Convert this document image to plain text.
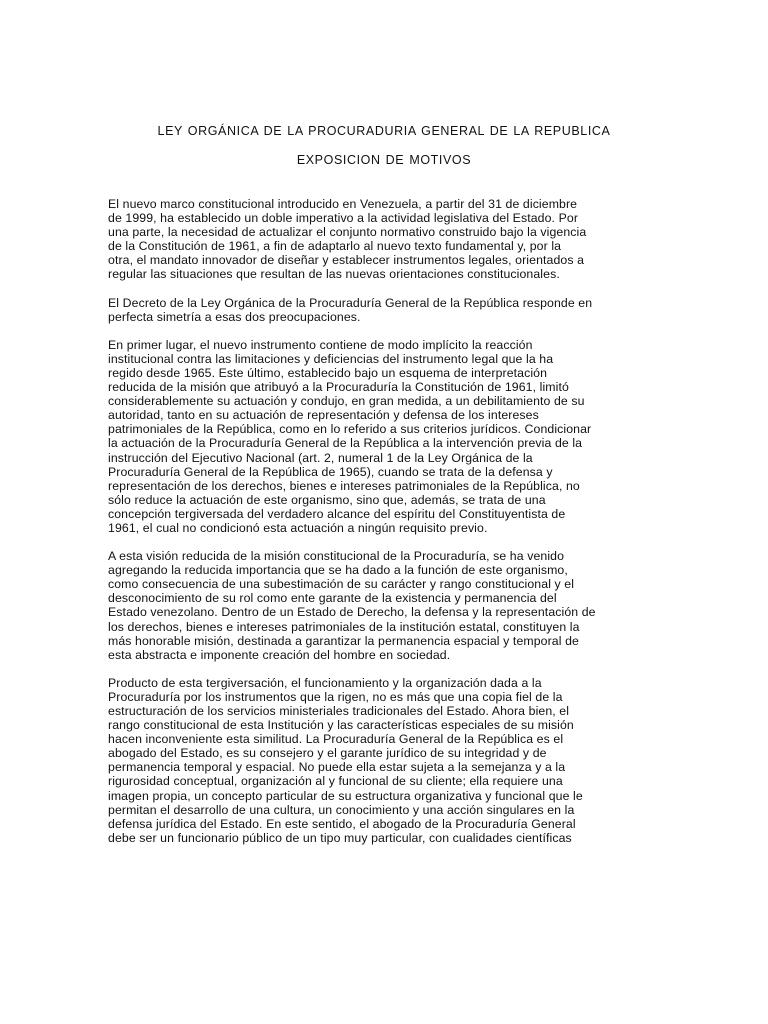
LEY ORGÁNICA DE LA PROCURADURIA GENERAL DE LA REPUBLICA
EXPOSICION DE MOTIVOS
El nuevo marco constitucional introducido en Venezuela, a partir del 31 de diciembre
de 1999, ha establecido un doble imperativo a la actividad legislativa del Estado. Por
una parte, la necesidad de actualizar el conjunto normativo construido bajo la vigencia
de la Constitución de 1961, a fin de adaptarlo al nuevo texto fundamental y, por la
otra, el mandato innovador de diseñar y establecer instrumentos legales, orientados a
regular las situaciones que resultan de las nuevas orientaciones constitucionales.
El Decreto de la Ley Orgánica de la Procuraduría General de la República responde en
perfecta simetría a esas dos preocupaciones.
En primer lugar, el nuevo instrumento contiene de modo implícito la reacción
institucional contra las limitaciones y deficiencias del instrumento legal que la ha
regido desde 1965. Este último, establecido bajo un esquema de interpretación
reducida de la misión que atribuyó a la Procuraduría la Constitución de 1961, limitó
considerablemente su actuación y condujo, en gran medida, a un debilitamiento de su
autoridad, tanto en su actuación de representación y defensa de los intereses
patrimoniales de la República, como en lo referido a sus criterios jurídicos. Condicionar
la actuación de la Procuraduría General de la República a la intervención previa de la
instrucción del Ejecutivo Nacional (art. 2, numeral 1 de la Ley Orgánica de la
Procuraduría General de la República de 1965), cuando se trata de la defensa y
representación de los derechos, bienes e intereses patrimoniales de la República, no
sólo reduce la actuación de este organismo, sino que, además, se trata de una
concepción tergiversada del verdadero alcance del espíritu del Constituyentista de
1961, el cual no condicionó esta actuación a ningún requisito previo.
A esta visión reducida de la misión constitucional de la Procuraduría, se ha venido
agregando la reducida importancia que se ha dado a la función de este organismo,
como consecuencia de una subestimación de su carácter y rango constitucional y el
desconocimiento de su rol como ente garante de la existencia y permanencia del
Estado venezolano. Dentro de un Estado de Derecho, la defensa y la representación de
los derechos, bienes e intereses patrimoniales de la institución estatal, constituyen la
más honorable misión, destinada a garantizar la permanencia espacial y temporal de
esta abstracta e imponente creación del hombre en sociedad.
Producto de esta tergiversación, el funcionamiento y la organización dada a la
Procuraduría por los instrumentos que la rigen, no es más que una copia fiel de la
estructuración de los servicios ministeriales tradicionales del Estado. Ahora bien, el
rango constitucional de esta Institución y las características especiales de su misión
hacen inconveniente esta similitud. La Procuraduría General de la República es el
abogado del Estado, es su consejero y el garante jurídico de su integridad y de
permanencia temporal y espacial. No puede ella estar sujeta a la semejanza y a la
rigurosidad conceptual, organización al y funcional de su cliente; ella requiere una
imagen propia, un concepto particular de su estructura organizativa y funcional que le
permitan el desarrollo de una cultura, un conocimiento y una acción singulares en la
defensa jurídica del Estado. En este sentido, el abogado de la Procuraduría General
debe ser un funcionario público de un tipo muy particular, con cualidades científicas
